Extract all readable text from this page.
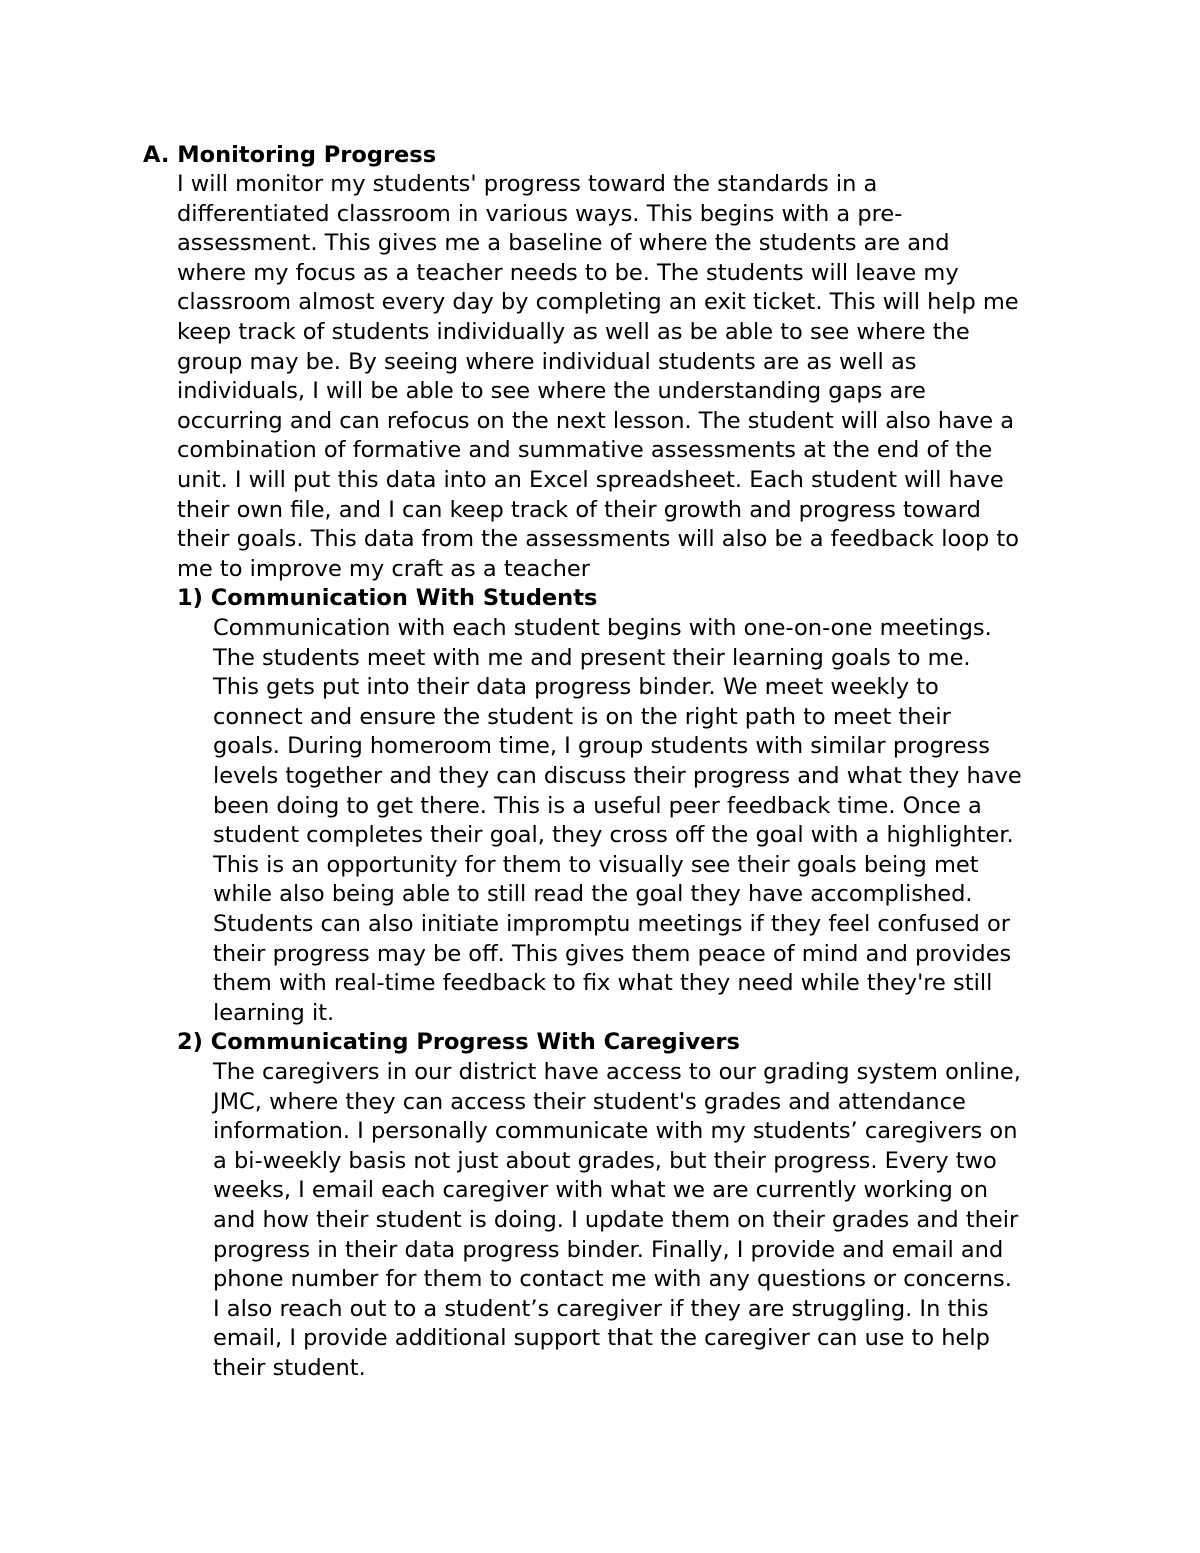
A. Monitoring Progress
I will monitor my students' progress toward the standards in a
differentiated classroom in various ways. This begins with a pre-
assessment. This gives me a baseline of where the students are and
where my focus as a teacher needs to be. The students will leave my
classroom almost every day by completing an exit ticket. This will help me
keep track of students individually as well as be able to see where the
group may be. By seeing where individual students are as well as
individuals, I will be able to see where the understanding gaps are
occurring and can refocus on the next lesson. The student will also have a
combination of formative and summative assessments at the end of the
unit. I will put this data into an Excel spreadsheet. Each student will have
their own file, and I can keep track of their growth and progress toward
their goals. This data from the assessments will also be a feedback loop to
me to improve my craft as a teacher
1) Communication With Students
Communication with each student begins with one-on-one meetings.
The students meet with me and present their learning goals to me.
This gets put into their data progress binder. We meet weekly to
connect and ensure the student is on the right path to meet their
goals. During homeroom time, I group students with similar progress
levels together and they can discuss their progress and what they have
been doing to get there. This is a useful peer feedback time. Once a
student completes their goal, they cross off the goal with a highlighter.
This is an opportunity for them to visually see their goals being met
while also being able to still read the goal they have accomplished.
Students can also initiate impromptu meetings if they feel confused or
their progress may be off. This gives them peace of mind and provides
them with real-time feedback to fix what they need while they're still
learning it.
2) Communicating Progress With Caregivers
The caregivers in our district have access to our grading system online,
JMC, where they can access their student's grades and attendance
information. I personally communicate with my students’ caregivers on
a bi-weekly basis not just about grades, but their progress. Every two
weeks, I email each caregiver with what we are currently working on
and how their student is doing. I update them on their grades and their
progress in their data progress binder. Finally, I provide and email and
phone number for them to contact me with any questions or concerns.
I also reach out to a student’s caregiver if they are struggling. In this
email, I provide additional support that the caregiver can use to help
their student.
